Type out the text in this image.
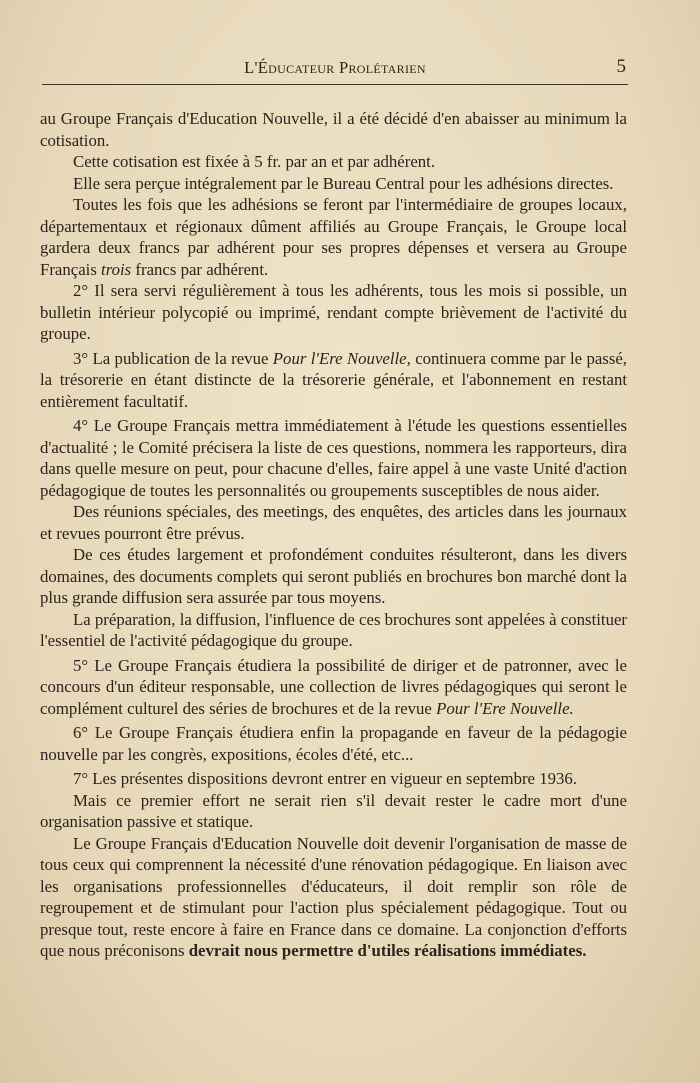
L'Éducateur Prolétarien	5

au Groupe Français d'Education Nouvelle, il a été décidé d'en abaisser au minimum la cotisation.

Cette cotisation est fixée à 5 fr. par an et par adhérent.

Elle sera perçue intégralement par le Bureau Central pour les adhésions directes.

Toutes les fois que les adhésions se feront par l'intermédiaire de groupes locaux, départementaux et régionaux dûment affiliés au Groupe Français, le Groupe local gardera deux francs par adhérent pour ses propres dépenses et versera au Groupe Français trois francs par adhérent.

2° Il sera servi régulièrement à tous les adhérents, tous les mois si possible, un bulletin intérieur polycopié ou imprimé, rendant compte brièvement de l'activité du groupe.

3° La publication de la revue Pour l'Ere Nouvelle, continuera comme par le passé, la trésorerie en étant distincte de la trésorerie générale, et l'abonnement en restant entièrement facultatif.

4° Le Groupe Français mettra immédiatement à l'étude les questions essentielles d'actualité ; le Comité précisera la liste de ces questions, nommera les rapporteurs, dira dans quelle mesure on peut, pour chacune d'elles, faire appel à une vaste Unité d'action pédagogique de toutes les personnalités ou groupements susceptibles de nous aider.

Des réunions spéciales, des meetings, des enquêtes, des articles dans les journaux et revues pourront être prévus.

De ces études largement et profondément conduites résulteront, dans les divers domaines, des documents complets qui seront publiés en brochures bon marché dont la plus grande diffusion sera assurée par tous moyens.

La préparation, la diffusion, l'influence de ces brochures sont appelées à constituer l'essentiel de l'activité pédagogique du groupe.

5° Le Groupe Français étudiera la possibilité de diriger et de patronner, avec le concours d'un éditeur responsable, une collection de livres pédagogiques qui seront le complément culturel des séries de brochures et de la revue Pour l'Ere Nouvelle.

6° Le Groupe Français étudiera enfin la propagande en faveur de la pédagogie nouvelle par les congrès, expositions, écoles d'été, etc...

7° Les présentes dispositions devront entrer en vigueur en septembre 1936.

Mais ce premier effort ne serait rien s'il devait rester le cadre mort d'une organisation passive et statique.

Le Groupe Français d'Education Nouvelle doit devenir l'organisation de masse de tous ceux qui comprennent la nécessité d'une rénovation pédagogique. En liaison avec les organisations professionnelles d'éducateurs, il doit remplir son rôle de regroupement et de stimulant pour l'action plus spécialement pédagogique. Tout ou presque tout, reste encore à faire en France dans ce domaine. La conjonction d'efforts que nous préconisons devrait nous permettre d'utiles réalisations immédiates.
